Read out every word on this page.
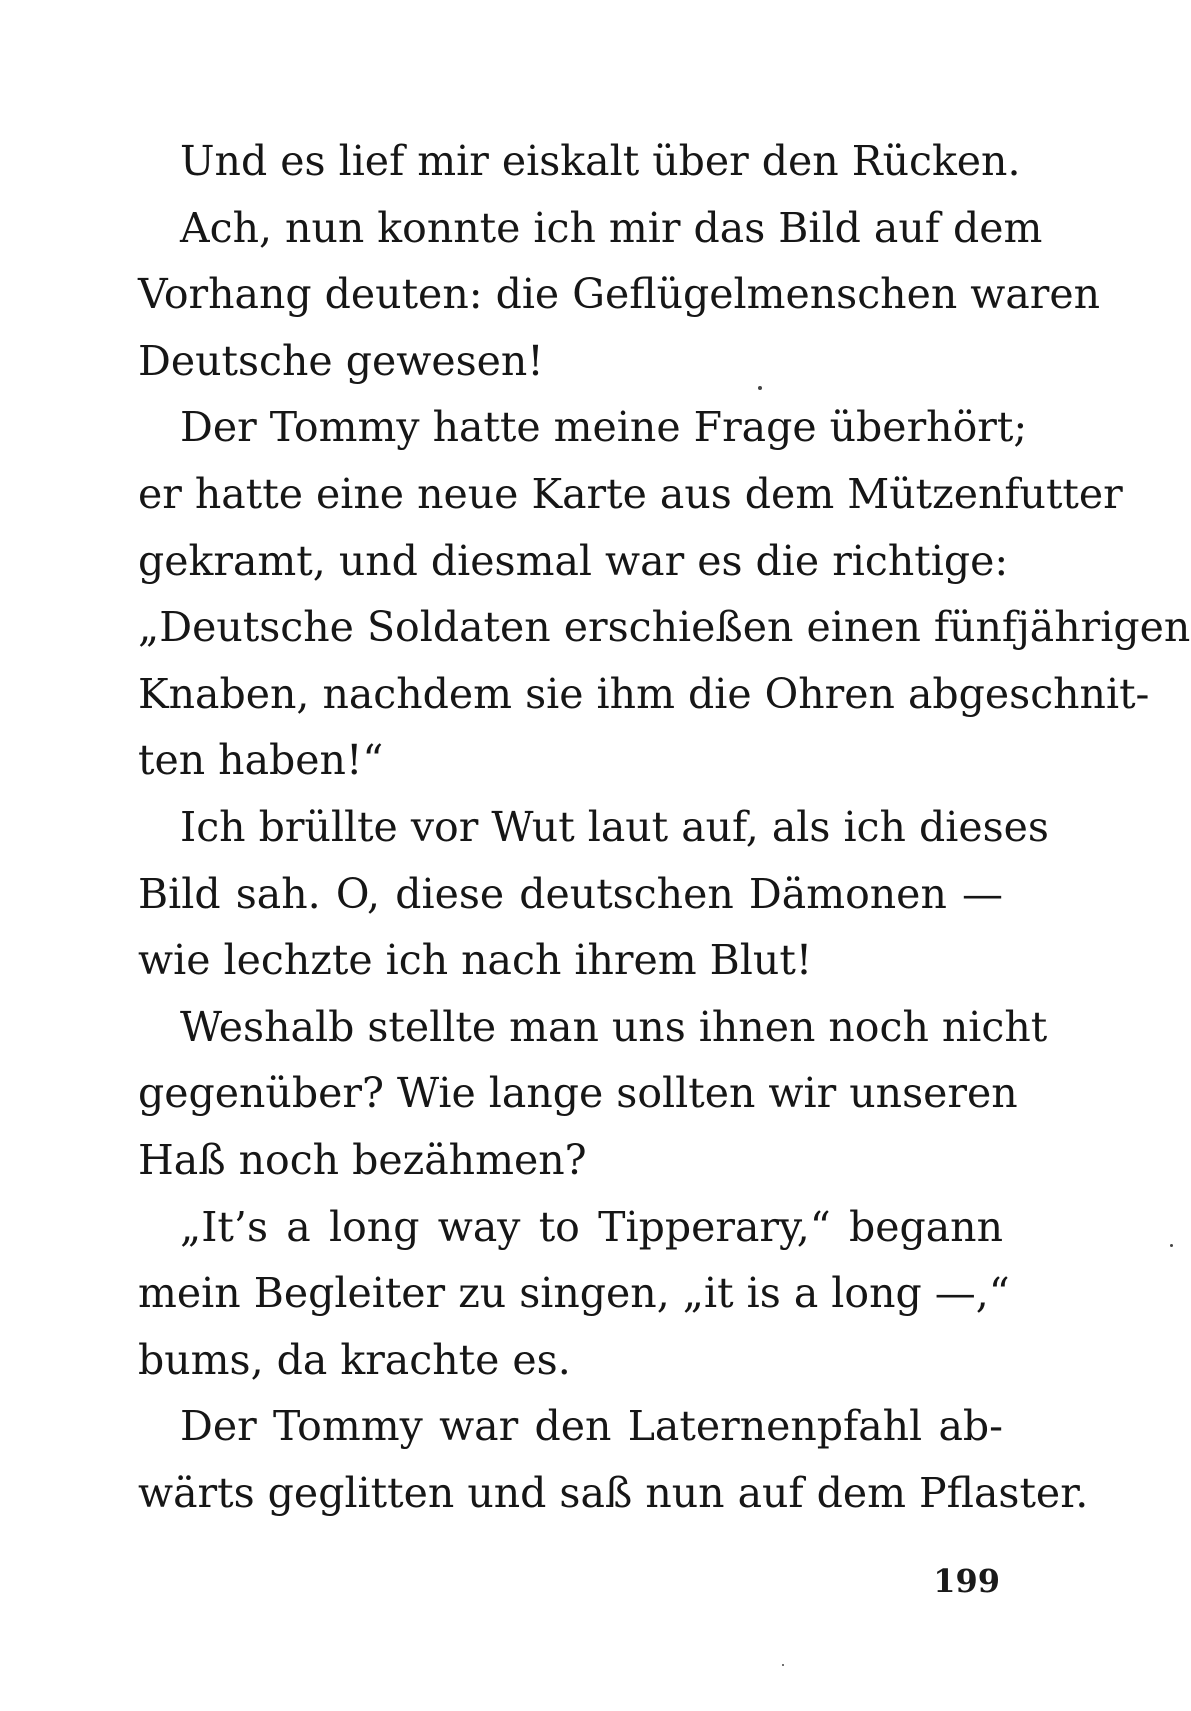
Und es lief mir eiskalt über den Rücken.
Ach, nun konnte ich mir das Bild auf dem
Vorhang deuten: die Geflügelmenschen waren
Deutsche gewesen!
Der Tommy hatte meine Frage überhört;
er hatte eine neue Karte aus dem Mützenfutter
gekramt, und diesmal war es die richtige:
„Deutsche Soldaten erschießen einen fünfjährigen
Knaben, nachdem sie ihm die Ohren abgeschnit-
ten haben!“
Ich brüllte vor Wut laut auf, als ich dieses
Bild sah. O, diese deutschen Dämonen —
wie lechzte ich nach ihrem Blut!
Weshalb stellte man uns ihnen noch nicht
gegenüber? Wie lange sollten wir unseren
Haß noch bezähmen?
„It’s a long way to Tipperary,“ begann
mein Begleiter zu singen, „it is a long —,“
bums, da krachte es.
Der Tommy war den Laternenpfahl ab-
wärts geglitten und saß nun auf dem Pflaster.
199
